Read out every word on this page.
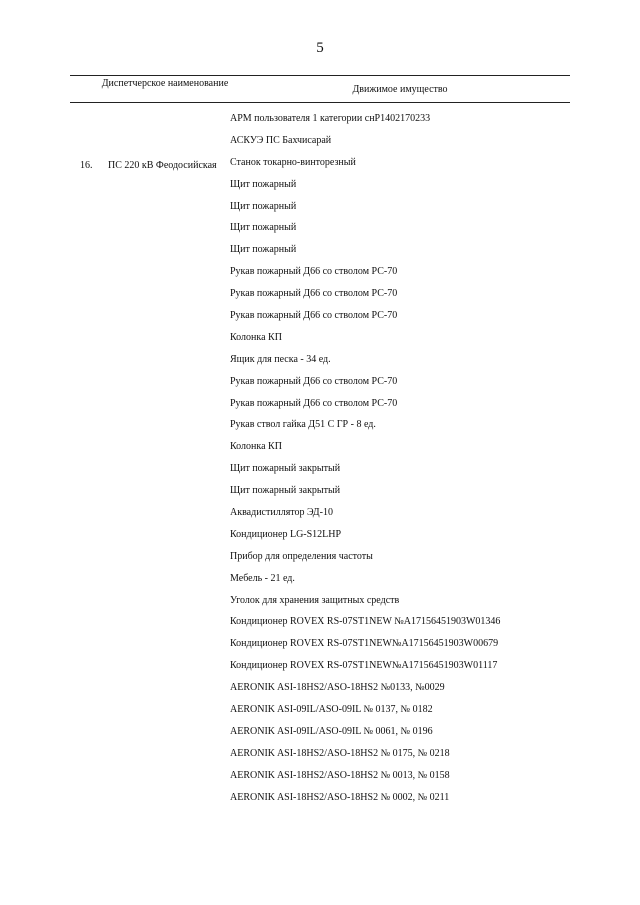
5
Диспетчерское наименование
Движимое имущество
16. ПС 220 кВ Феодосийская
АРМ пользователя 1 категории снР1402170233
АСКУЭ ПС Бахчисарай
Станок токарно-винторезный
Щит пожарный
Щит пожарный
Щит пожарный
Щит пожарный
Рукав пожарный Д66 со стволом РС-70
Рукав пожарный Д66 со стволом РС-70
Рукав пожарный Д66 со стволом РС-70
Колонка КП
Ящик для песка - 34 ед.
Рукав пожарный Д66 со стволом РС-70
Рукав пожарный Д66 со стволом РС-70
Рукав ствол гайка Д51 С ГР - 8 ед.
Колонка КП
Щит пожарный закрытый
Щит пожарный закрытый
Аквадистиллятор ЭД-10
Кондиционер LG-S12LHP
Прибор для определения частоты
Мебель - 21 ед.
Уголок для хранения защитных средств
Кондиционер ROVEX RS-07ST1NEW №А17156451903W01346
Кондиционер ROVEX RS-07ST1NEW№А17156451903W00679
Кондиционер ROVEX RS-07ST1NEW№А17156451903W01117
AERONIK ASI-18HS2/ASO-18HS2 №0133, №0029
AERONIK ASI-09IL/ASO-09IL № 0137, № 0182
AERONIK ASI-09IL/ASO-09IL № 0061, № 0196
AERONIK ASI-18HS2/ASO-18HS2 № 0175, № 0218
AERONIK ASI-18HS2/ASO-18HS2 № 0013, № 0158
AERONIK ASI-18HS2/ASO-18HS2 № 0002, № 0211
